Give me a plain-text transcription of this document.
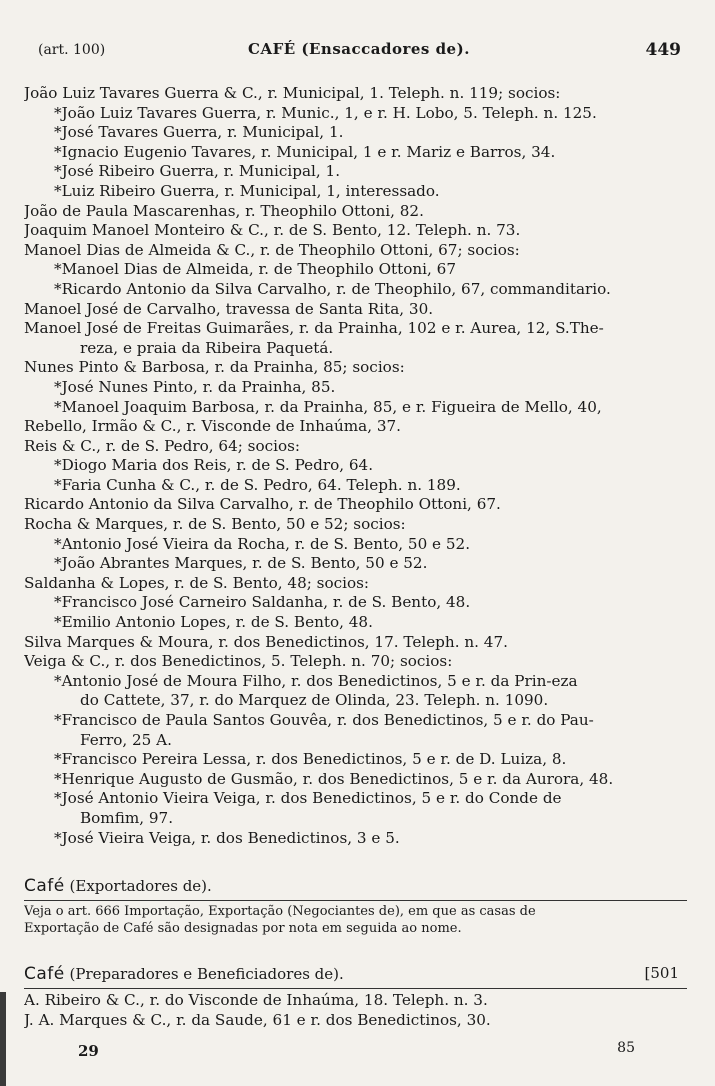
(art. 100)	CAFÉ (Ensaccadores de).	449
João Luiz Tavares Guerra & C., r. Municipal, 1. Teleph. n. 119; socios:
*João Luiz Tavares Guerra, r. Munic., 1, e r. H. Lobo, 5. Teleph. n. 125.
*José Tavares Guerra, r. Municipal, 1.
*Ignacio Eugenio Tavares, r. Municipal, 1 e r. Mariz e Barros, 34.
*José Ribeiro Guerra, r. Municipal, 1.
*Luiz Ribeiro Guerra, r. Municipal, 1, interessado.
João de Paula Mascarenhas, r. Theophilo Ottoni, 82.
Joaquim Manoel Monteiro & C., r. de S. Bento, 12. Teleph. n. 73.
Manoel Dias de Almeida & C., r. de Theophilo Ottoni, 67; socios:
*Manoel Dias de Almeida, r. de Theophilo Ottoni, 67
*Ricardo Antonio da Silva Carvalho, r. de Theophilo, 67, commanditario.
Manoel José de Carvalho, travessa de Santa Rita, 30.
Manoel José de Freitas Guimarães, r. da Prainha, 102 e r. Aurea, 12, S.The-
reza, e praia da Ribeira Paquetá.
Nunes Pinto & Barbosa, r. da Prainha, 85; socios:
*José Nunes Pinto, r. da Prainha, 85.
*Manoel Joaquim Barbosa, r. da Prainha, 85, e r. Figueira de Mello, 40,
Rebello, Irmão & C., r. Visconde de Inhaúma, 37.
Reis & C., r. de S. Pedro, 64; socios:
*Diogo Maria dos Reis, r. de S. Pedro, 64.
*Faria Cunha & C., r. de S. Pedro, 64. Teleph. n. 189.
Ricardo Antonio da Silva Carvalho, r. de Theophilo Ottoni, 67.
Rocha & Marques, r. de S. Bento, 50 e 52; socios:
*Antonio José Vieira da Rocha, r. de S. Bento, 50 e 52.
*João Abrantes Marques, r. de S. Bento, 50 e 52.
Saldanha & Lopes, r. de S. Bento, 48; socios:
*Francisco José Carneiro Saldanha, r. de S. Bento, 48.
*Emilio Antonio Lopes, r. de S. Bento, 48.
Silva Marques & Moura, r. dos Benedictinos, 17. Teleph. n. 47.
Veiga & C., r. dos Benedictinos, 5. Teleph. n. 70; socios:
*Antonio José de Moura Filho, r. dos Benedictinos, 5 e r. da Prin-eza
do Cattete, 37, r. do Marquez de Olinda, 23. Teleph. n. 1090.
*Francisco de Paula Santos Gouvêa, r. dos Benedictinos, 5 e r. do Pau-
Ferro, 25 A.
*Francisco Pereira Lessa, r. dos Benedictinos, 5 e r. de D. Luiza, 8.
*Henrique Augusto de Gusmão, r. dos Benedictinos, 5 e r. da Aurora, 48.
*José Antonio Vieira Veiga, r. dos Benedictinos, 5 e r. do Conde de
Bomfim, 97.
*José Vieira Veiga, r. dos Benedictinos, 3 e 5.
Café (Exportadores de).
Veja o art. 666 Importação, Exportação (Negociantes de), em que as casas de
Exportação de Café são designadas por nota em seguida ao nome.
Café (Preparadores e Beneficiadores de).	[501
A. Ribeiro & C., r. do Visconde de Inhaúma, 18. Teleph. n. 3.
J. A. Marques & C., r. da Saude, 61 e r. dos Benedictinos, 30.
29	85
